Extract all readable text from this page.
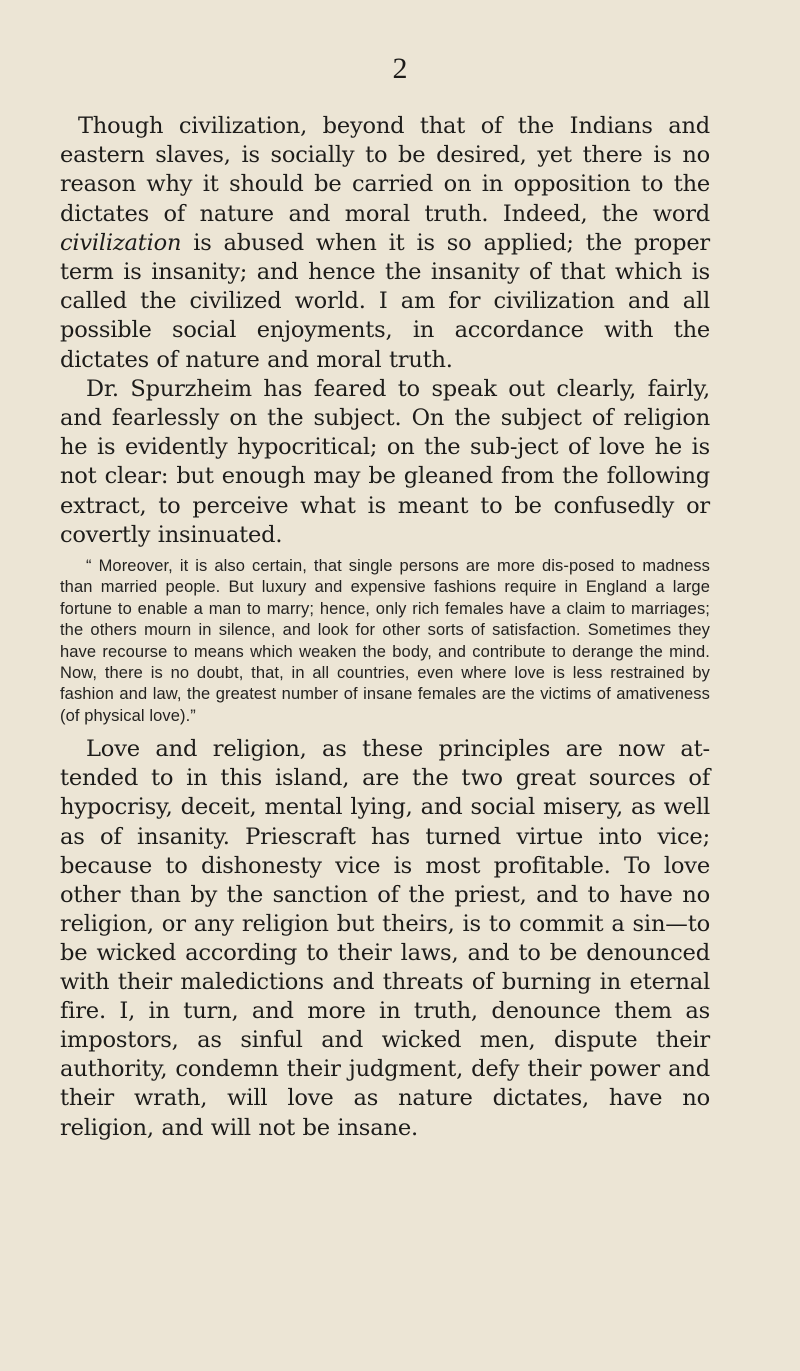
2

Though civilization, beyond that of the Indians and eastern slaves, is socially to be desired, yet there is no reason why it should be carried on in opposition to the dictates of nature and moral truth. Indeed, the word civilization is abused when it is so applied; the proper term is insanity; and hence the insanity of that which is called the civilized world. I am for civilization and all possible social enjoyments, in accordance with the dictates of nature and moral truth.

Dr. Spurzheim has feared to speak out clearly, fairly, and fearlessly on the subject. On the subject of religion he is evidently hypocritical; on the sub-ject of love he is not clear: but enough may be gleaned from the following extract, to perceive what is meant to be confusedly or covertly insinuated.

“ Moreover, it is also certain, that single persons are more dis-posed to madness than married people. But luxury and expensive fashions require in England a large fortune to enable a man to marry; hence, only rich females have a claim to marriages; the others mourn in silence, and look for other sorts of satisfaction. Sometimes they have recourse to means which weaken the body, and contribute to derange the mind. Now, there is no doubt, that, in all countries, even where love is less restrained by fashion and law, the greatest number of insane females are the victims of amativeness (of physical love).”

Love and religion, as these principles are now at-tended to in this island, are the two great sources of hypocrisy, deceit, mental lying, and social misery, as well as of insanity. Priescraft has turned virtue into vice; because to dishonesty vice is most profitable. To love other than by the sanction of the priest, and to have no religion, or any religion but theirs, is to commit a sin—to be wicked according to their laws, and to be denounced with their maledictions and threats of burning in eternal fire. I, in turn, and more in truth, denounce them as impostors, as sinful and wicked men, dispute their authority, condemn their judgment, defy their power and their wrath, will love as nature dictates, have no religion, and will not be insane.
